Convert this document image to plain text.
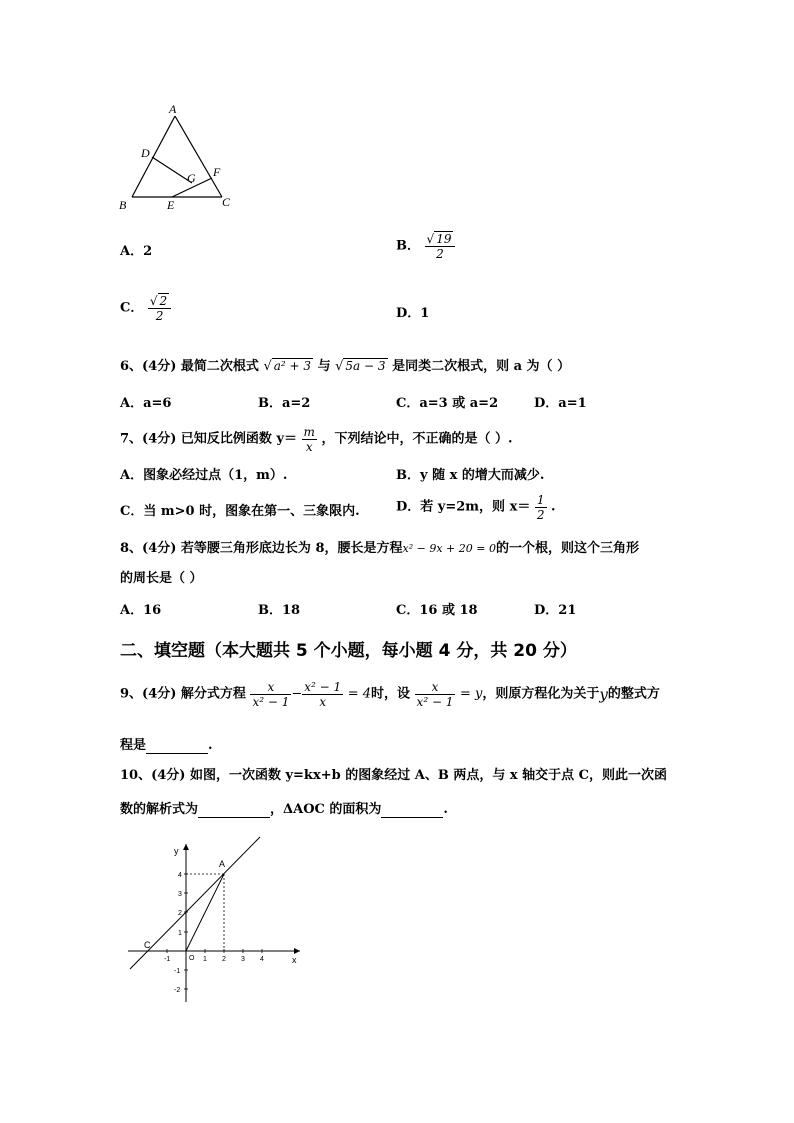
A
B	C
D
E
F
G
A．2	B． $\frac{√ 19}{2}$
C． $\frac{√ 2}{2}$	D．1
6、(4分) 最简二次根式 √ a² + 3 与 √ 5a − 3 是同类二次根式，则 a 为（ ）
A．a=6	B．a=2	C．a=3 或 a=2	D．a=1
7、(4分) 已知反比例函数 $y= \frac{m}{x}$ ，下列结论中，不正确的是（ ）.
A．图象必经过点（1，m）.	B．y 随 x 的增大而减少.
C．当 m>0 时，图象在第一、三象限内.	D．若 y=2m，则 $x= \frac{1}{2}$ .
8、(4分) 若等腰三角形底边长为 8，腰长是方程x² − 9x + 20 = 0的一个根，则这个三角形
的周长是（ ）
A．16	B．18	C．16 或 18	D．21
二、填空题（本大题共 5 个小题，每小题 4 分，共 20 分）
9、(4分) 解分式方程 $\frac{x}{\text{x² − 1}} - \frac{\text{x² − 1}}{x} = 4$时，设 $\frac{x}{\text{x² − 1}} = y$，则原方程化为关于y的整式方
程是	.
10、(4分) 如图，一次函数 y=kx+b 的图象经过 A、B 两点，与 x 轴交于点 C，则此一次函
数的解析式为	，ΔAOC 的面积为	.
x
y
O
A
C
-1	1 2 3 4
4
3
2
1
-1
-2
